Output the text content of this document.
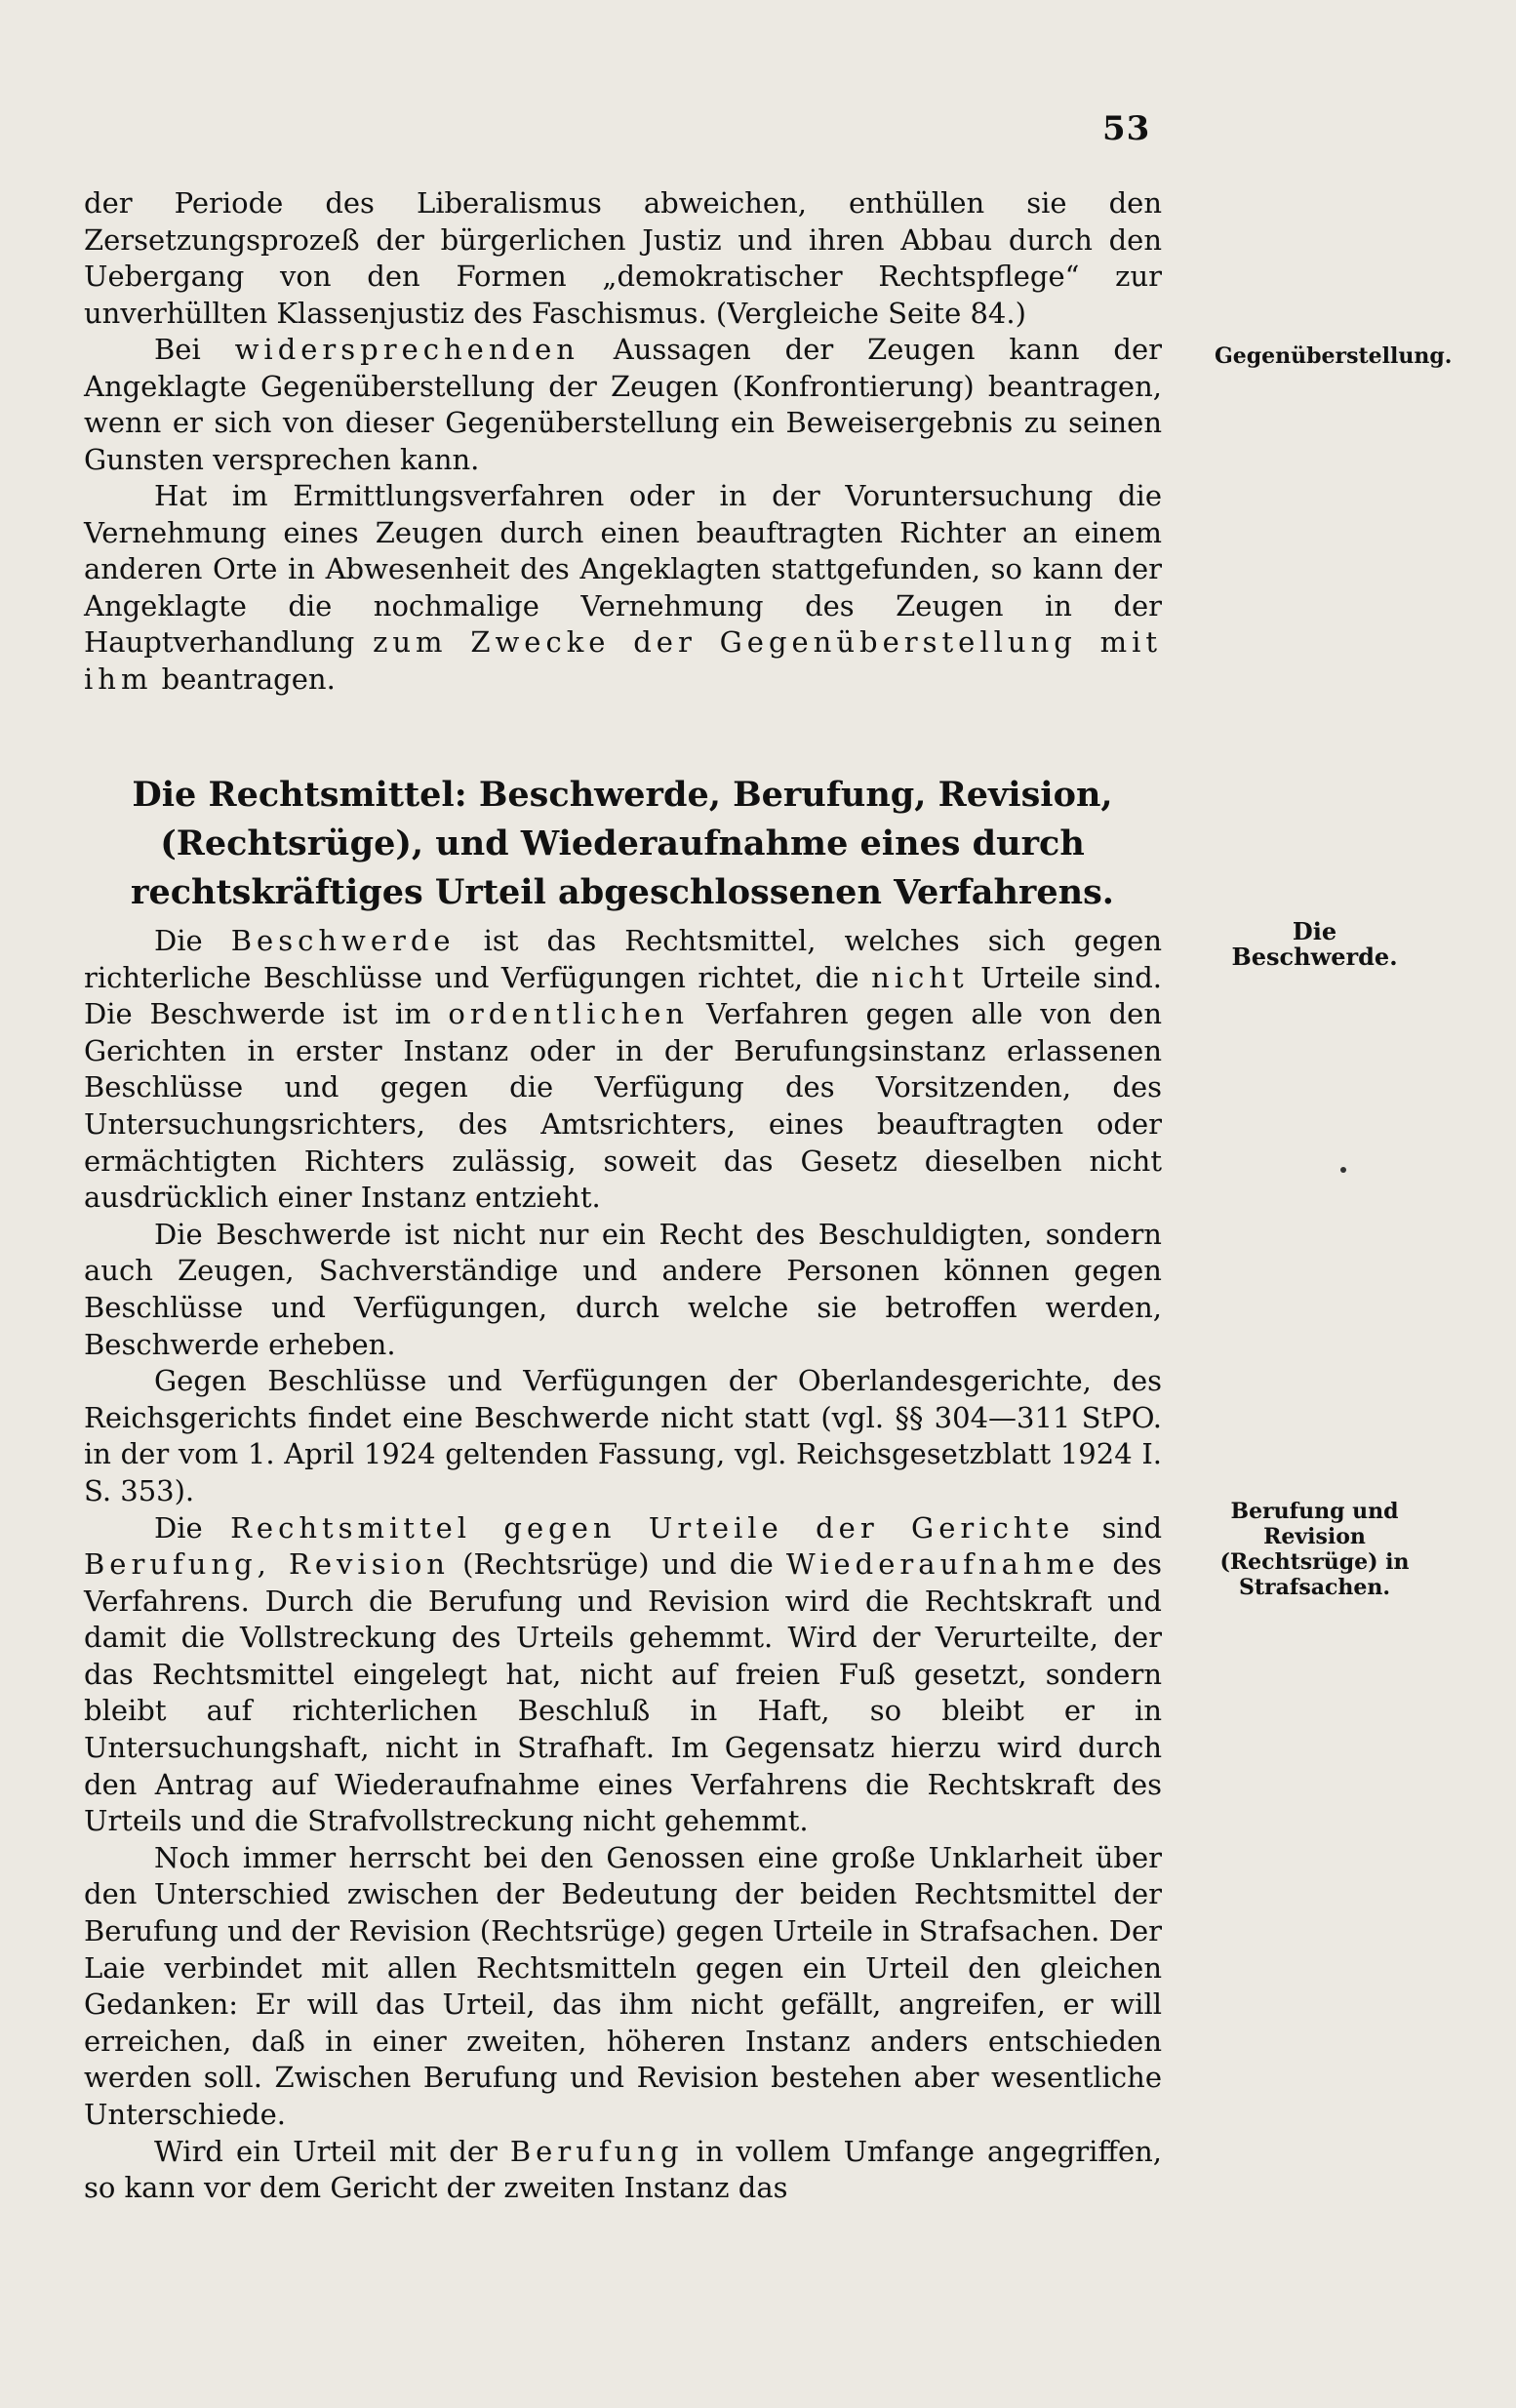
53

der Periode des Liberalismus abweichen, enthüllen sie den Zersetzungsprozeß der bürgerlichen Justiz und ihren Abbau durch den Uebergang von den Formen „demokratischer Rechtspflege“ zur unverhüllten Klassenjustiz des Faschismus. (Vergleiche Seite 84.)

Bei widersprechenden Aussagen der Zeugen kann der Angeklagte Gegenüberstellung der Zeugen (Konfrontierung) beantragen, wenn er sich von dieser Gegenüberstellung ein Beweisergebnis zu seinen Gunsten versprechen kann.

Hat im Ermittlungsverfahren oder in der Voruntersuchung die Vernehmung eines Zeugen durch einen beauftragten Richter an einem anderen Orte in Abwesenheit des Angeklagten stattgefunden, so kann der Angeklagte die nochmalige Vernehmung des Zeugen in der Hauptverhandlung zum Zwecke der Gegenüberstellung mit ihm beantragen.

Die Rechtsmittel: Beschwerde, Berufung, Revision, (Rechtsrüge), und Wiederaufnahme eines durch rechtskräftiges Urteil abgeschlossenen Verfahrens.

Die Beschwerde ist das Rechtsmittel, welches sich gegen richterliche Beschlüsse und Verfügungen richtet, die nicht Urteile sind. Die Beschwerde ist im ordentlichen Verfahren gegen alle von den Gerichten in erster Instanz oder in der Berufungsinstanz erlassenen Beschlüsse und gegen die Verfügung des Vorsitzenden, des Untersuchungsrichters, des Amtsrichters, eines beauftragten oder ermächtigten Richters zulässig, soweit das Gesetz dieselben nicht ausdrücklich einer Instanz entzieht.

Die Beschwerde ist nicht nur ein Recht des Beschuldigten, sondern auch Zeugen, Sachverständige und andere Personen können gegen Beschlüsse und Verfügungen, durch welche sie betroffen werden, Beschwerde erheben.

Gegen Beschlüsse und Verfügungen der Oberlandesgerichte, des Reichsgerichts findet eine Beschwerde nicht statt (vgl. §§ 304—311 StPO. in der vom 1. April 1924 geltenden Fassung, vgl. Reichsgesetzblatt 1924 I. S. 353).

Die Rechtsmittel gegen Urteile der Gerichte sind Berufung, Revision (Rechtsrüge) und die Wiederaufnahme des Verfahrens. Durch die Berufung und Revision wird die Rechtskraft und damit die Vollstreckung des Urteils gehemmt. Wird der Verurteilte, der das Rechtsmittel eingelegt hat, nicht auf freien Fuß gesetzt, sondern bleibt auf richterlichen Beschluß in Haft, so bleibt er in Untersuchungshaft, nicht in Strafhaft. Im Gegensatz hierzu wird durch den Antrag auf Wiederaufnahme eines Verfahrens die Rechtskraft des Urteils und die Strafvollstreckung nicht gehemmt.

Noch immer herrscht bei den Genossen eine große Unklarheit über den Unterschied zwischen der Bedeutung der beiden Rechtsmittel der Berufung und der Revision (Rechtsrüge) gegen Urteile in Strafsachen. Der Laie verbindet mit allen Rechtsmitteln gegen ein Urteil den gleichen Gedanken: Er will das Urteil, das ihm nicht gefällt, angreifen, er will erreichen, daß in einer zweiten, höheren Instanz anders entschieden werden soll. Zwischen Berufung und Revision bestehen aber wesentliche Unterschiede.

Wird ein Urteil mit der Berufung in vollem Umfange angegriffen, so kann vor dem Gericht der zweiten Instanz das

Gegenüberstellung.
Die Beschwerde.
Berufung und Revision (Rechtsrüge) in Strafsachen.
